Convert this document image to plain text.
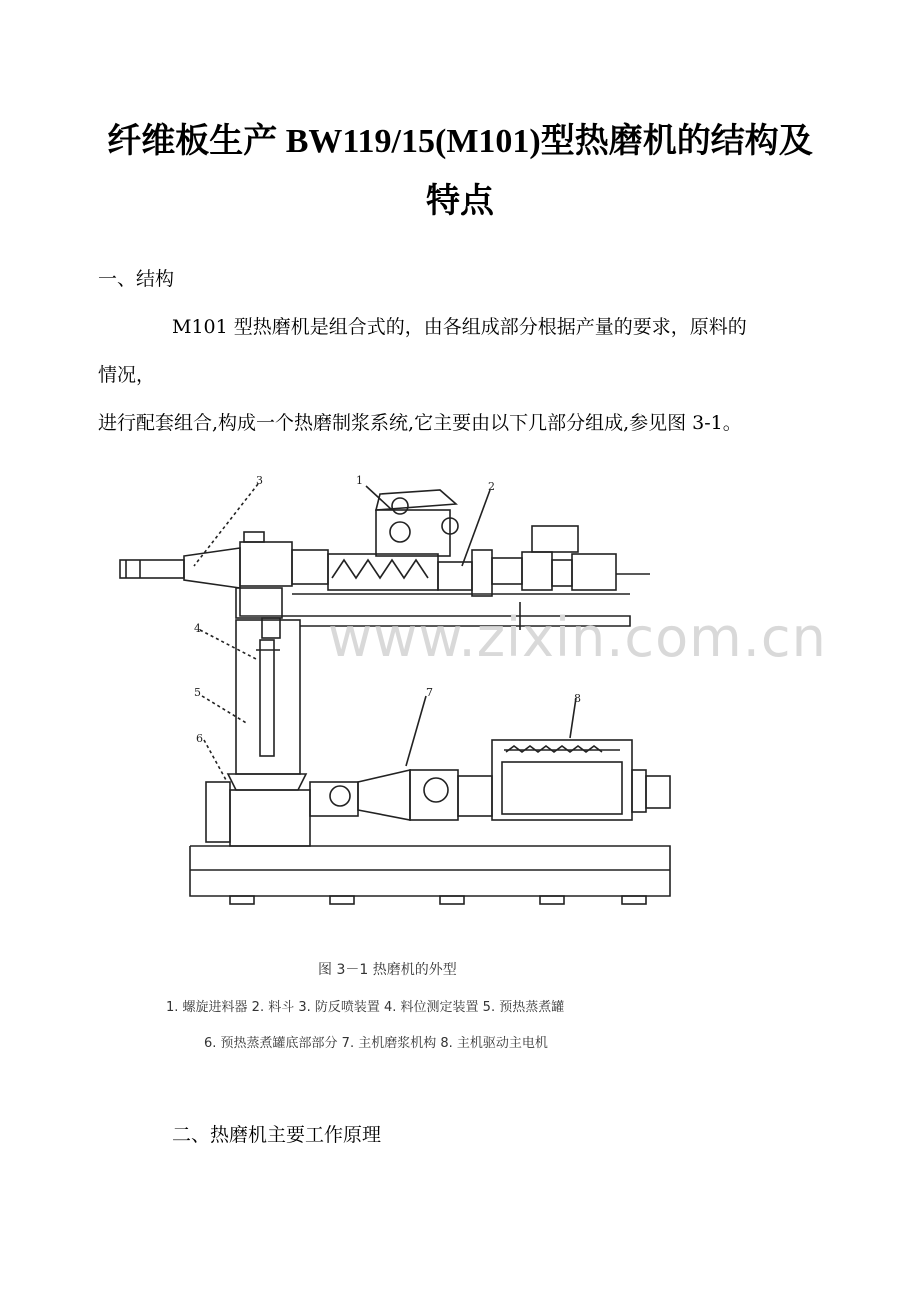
纤维板生产 BW119/15(M101)型热磨机的结构及
特点
一、结构
M101 型热磨机是组合式的，由各组成部分根据产量的要求，原料的
情况，
进行配套组合,构成一个热磨制浆系统,它主要由以下几部分组成,参见图 3-1。
3	1	2
4
5
6
7	8
www.zixin.com.cn
图 3－1 热磨机的外型
1. 螺旋进料器 2. 料斗 3. 防反喷装置 4. 料位测定装置 5. 预热蒸煮罐
6. 预热蒸煮罐底部部分 7. 主机磨浆机构 8. 主机驱动主电机
二、热磨机主要工作原理
